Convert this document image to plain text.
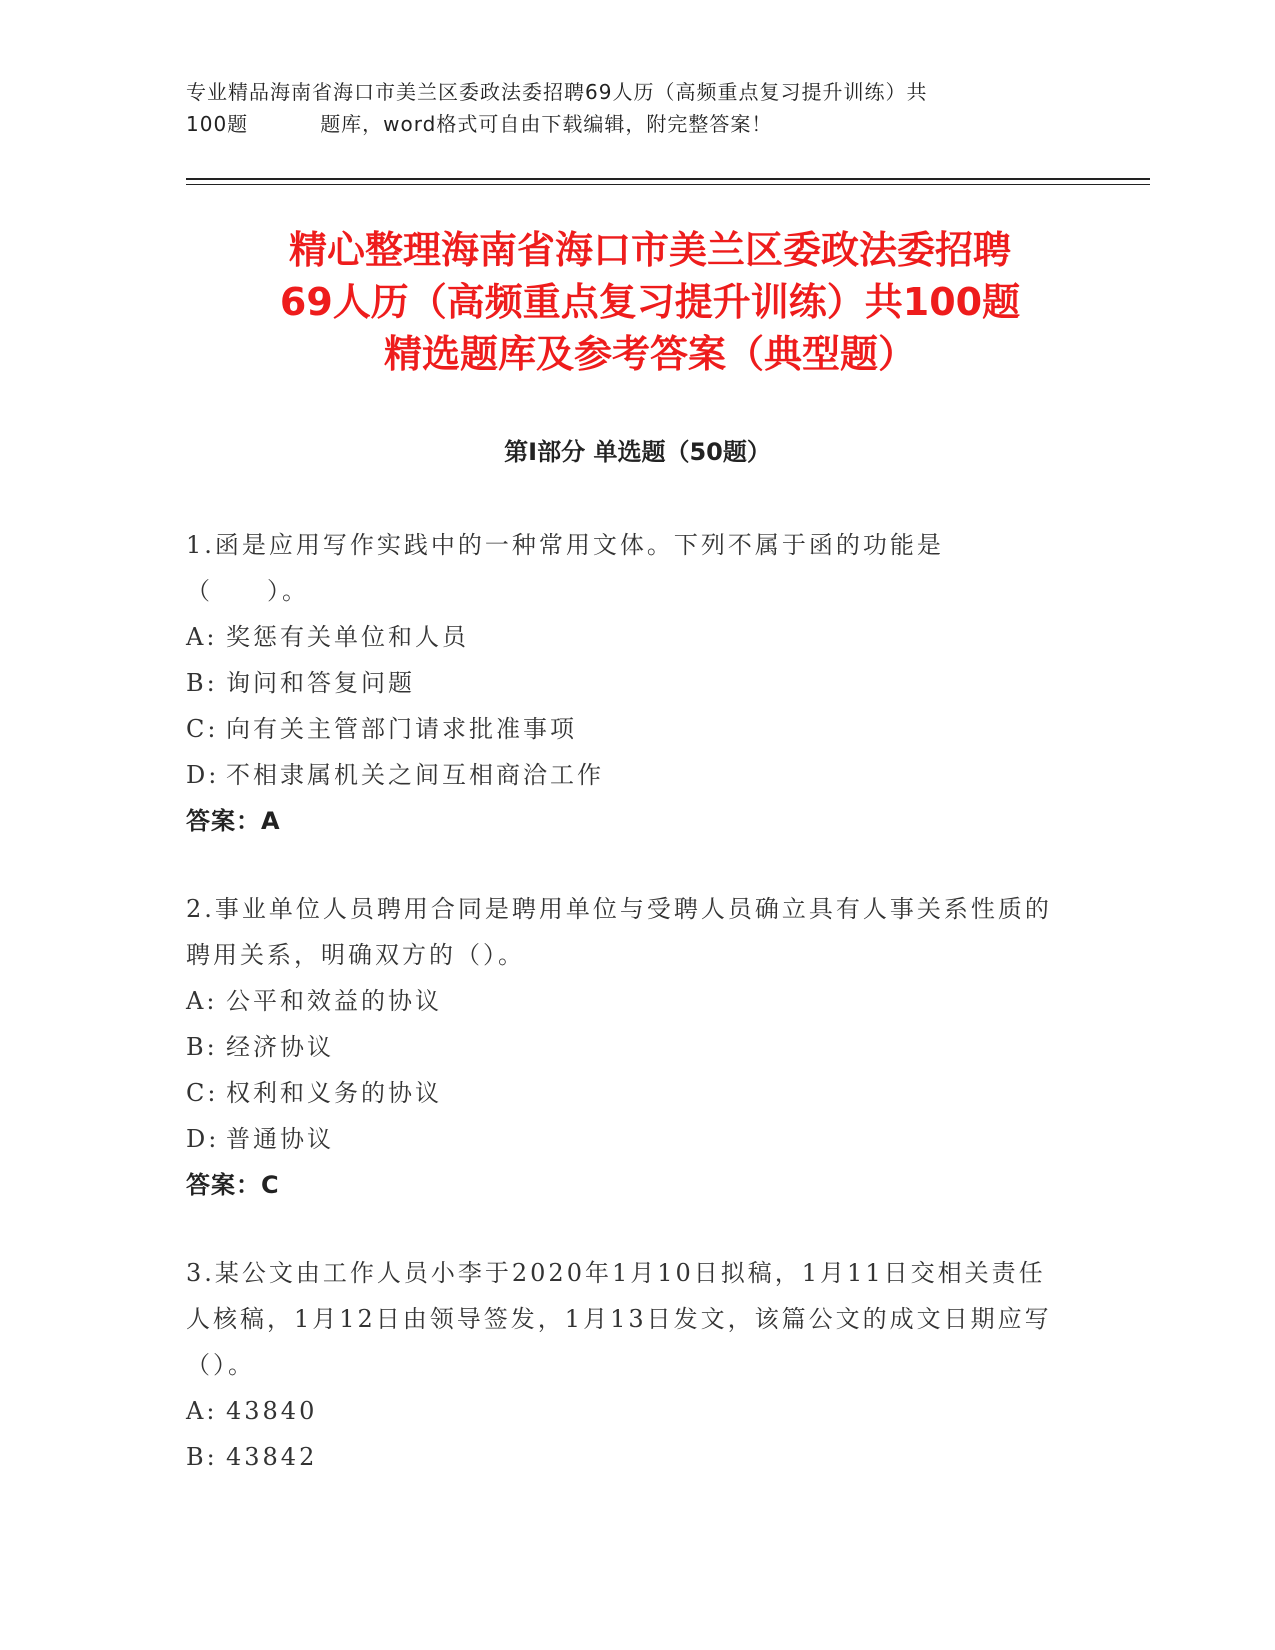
专业精品海南省海口市美兰区委政法委招聘69人历（高频重点复习提升训练）共
100题	题库，word格式可自由下载编辑，附完整答案！
精心整理海南省海口市美兰区委政法委招聘
69人历（高频重点复习提升训练）共100题
精选题库及参考答案（典型题）
第Ⅰ部分 单选题（50题）
1.函是应用写作实践中的一种常用文体。下列不属于函的功能是（　　）。
A: 奖惩有关单位和人员
B: 询问和答复问题
C: 向有关主管部门请求批准事项
D: 不相隶属机关之间互相商洽工作
答案：A
2.事业单位人员聘用合同是聘用单位与受聘人员确立具有人事关系性质的聘用关系，明确双方的（）。
A: 公平和效益的协议
B: 经济协议
C: 权利和义务的协议
D: 普通协议
答案：C
3.某公文由工作人员小李于2020年1月10日拟稿，1月11日交相关责任人核稿，1月12日由领导签发，1月13日发文，该篇公文的成文日期应写（）。
A: 43840
B: 43842
